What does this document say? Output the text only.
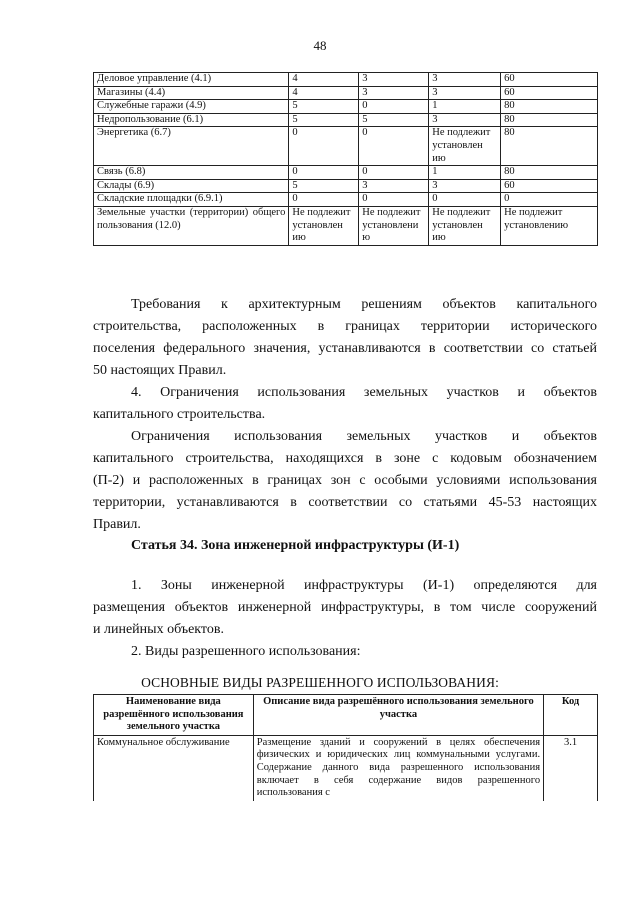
48
Деловое управление (4.1)	4	3	3	60
Магазины (4.4)	4	3	3	60
Служебные гаражи (4.9)	5	0	1	80
Недропользование (6.1)	5	5	3	80
Энергетика (6.7)	0	0	Не подлежит установлен ию	80
Связь (6.8)	0	0	1	80
Склады (6.9)	5	3	3	60
Складские площадки (6.9.1)	0	0	0	0
Земельные участки (территории) общего пользования (12.0)	Не подлежит установлен ию	Не подлежит установлени ю	Не подлежит установлен ию	Не подлежит установлению
Требования к архитектурным решениям объектов капитального
строительства, расположенных в границах территории исторического
поселения федерального значения, устанавливаются в соответствии со статьей
50 настоящих Правил.
4. Ограничения использования земельных участков и объектов
капитального строительства.
Ограничения использования земельных участков и объектов
капитального строительства, находящихся в зоне с кодовым обозначением
(П-2) и расположенных в границах зон с особыми условиями использования
территории, устанавливаются в соответствии со статьями 45-53 настоящих
Правил.
Статья 34. Зона инженерной инфраструктуры (И-1)
1. Зоны инженерной инфраструктуры (И-1) определяются для
размещения объектов инженерной инфраструктуры, в том числе сооружений
и линейных объектов.
2. Виды разрешенного использования:
ОСНОВНЫЕ ВИДЫ РАЗРЕШЕННОГО ИСПОЛЬЗОВАНИЯ:
Наименование вида разрешённого использования земельного участка	Описание вида разрешённого использования земельного участка	Код
Коммунальное обслуживание	Размещение зданий и сооружений в целях обеспечения физических и юридических лиц коммунальными услугами. Содержание данного вида разрешенного использования включает в себя содержание видов разрешенного использования с	3.1
